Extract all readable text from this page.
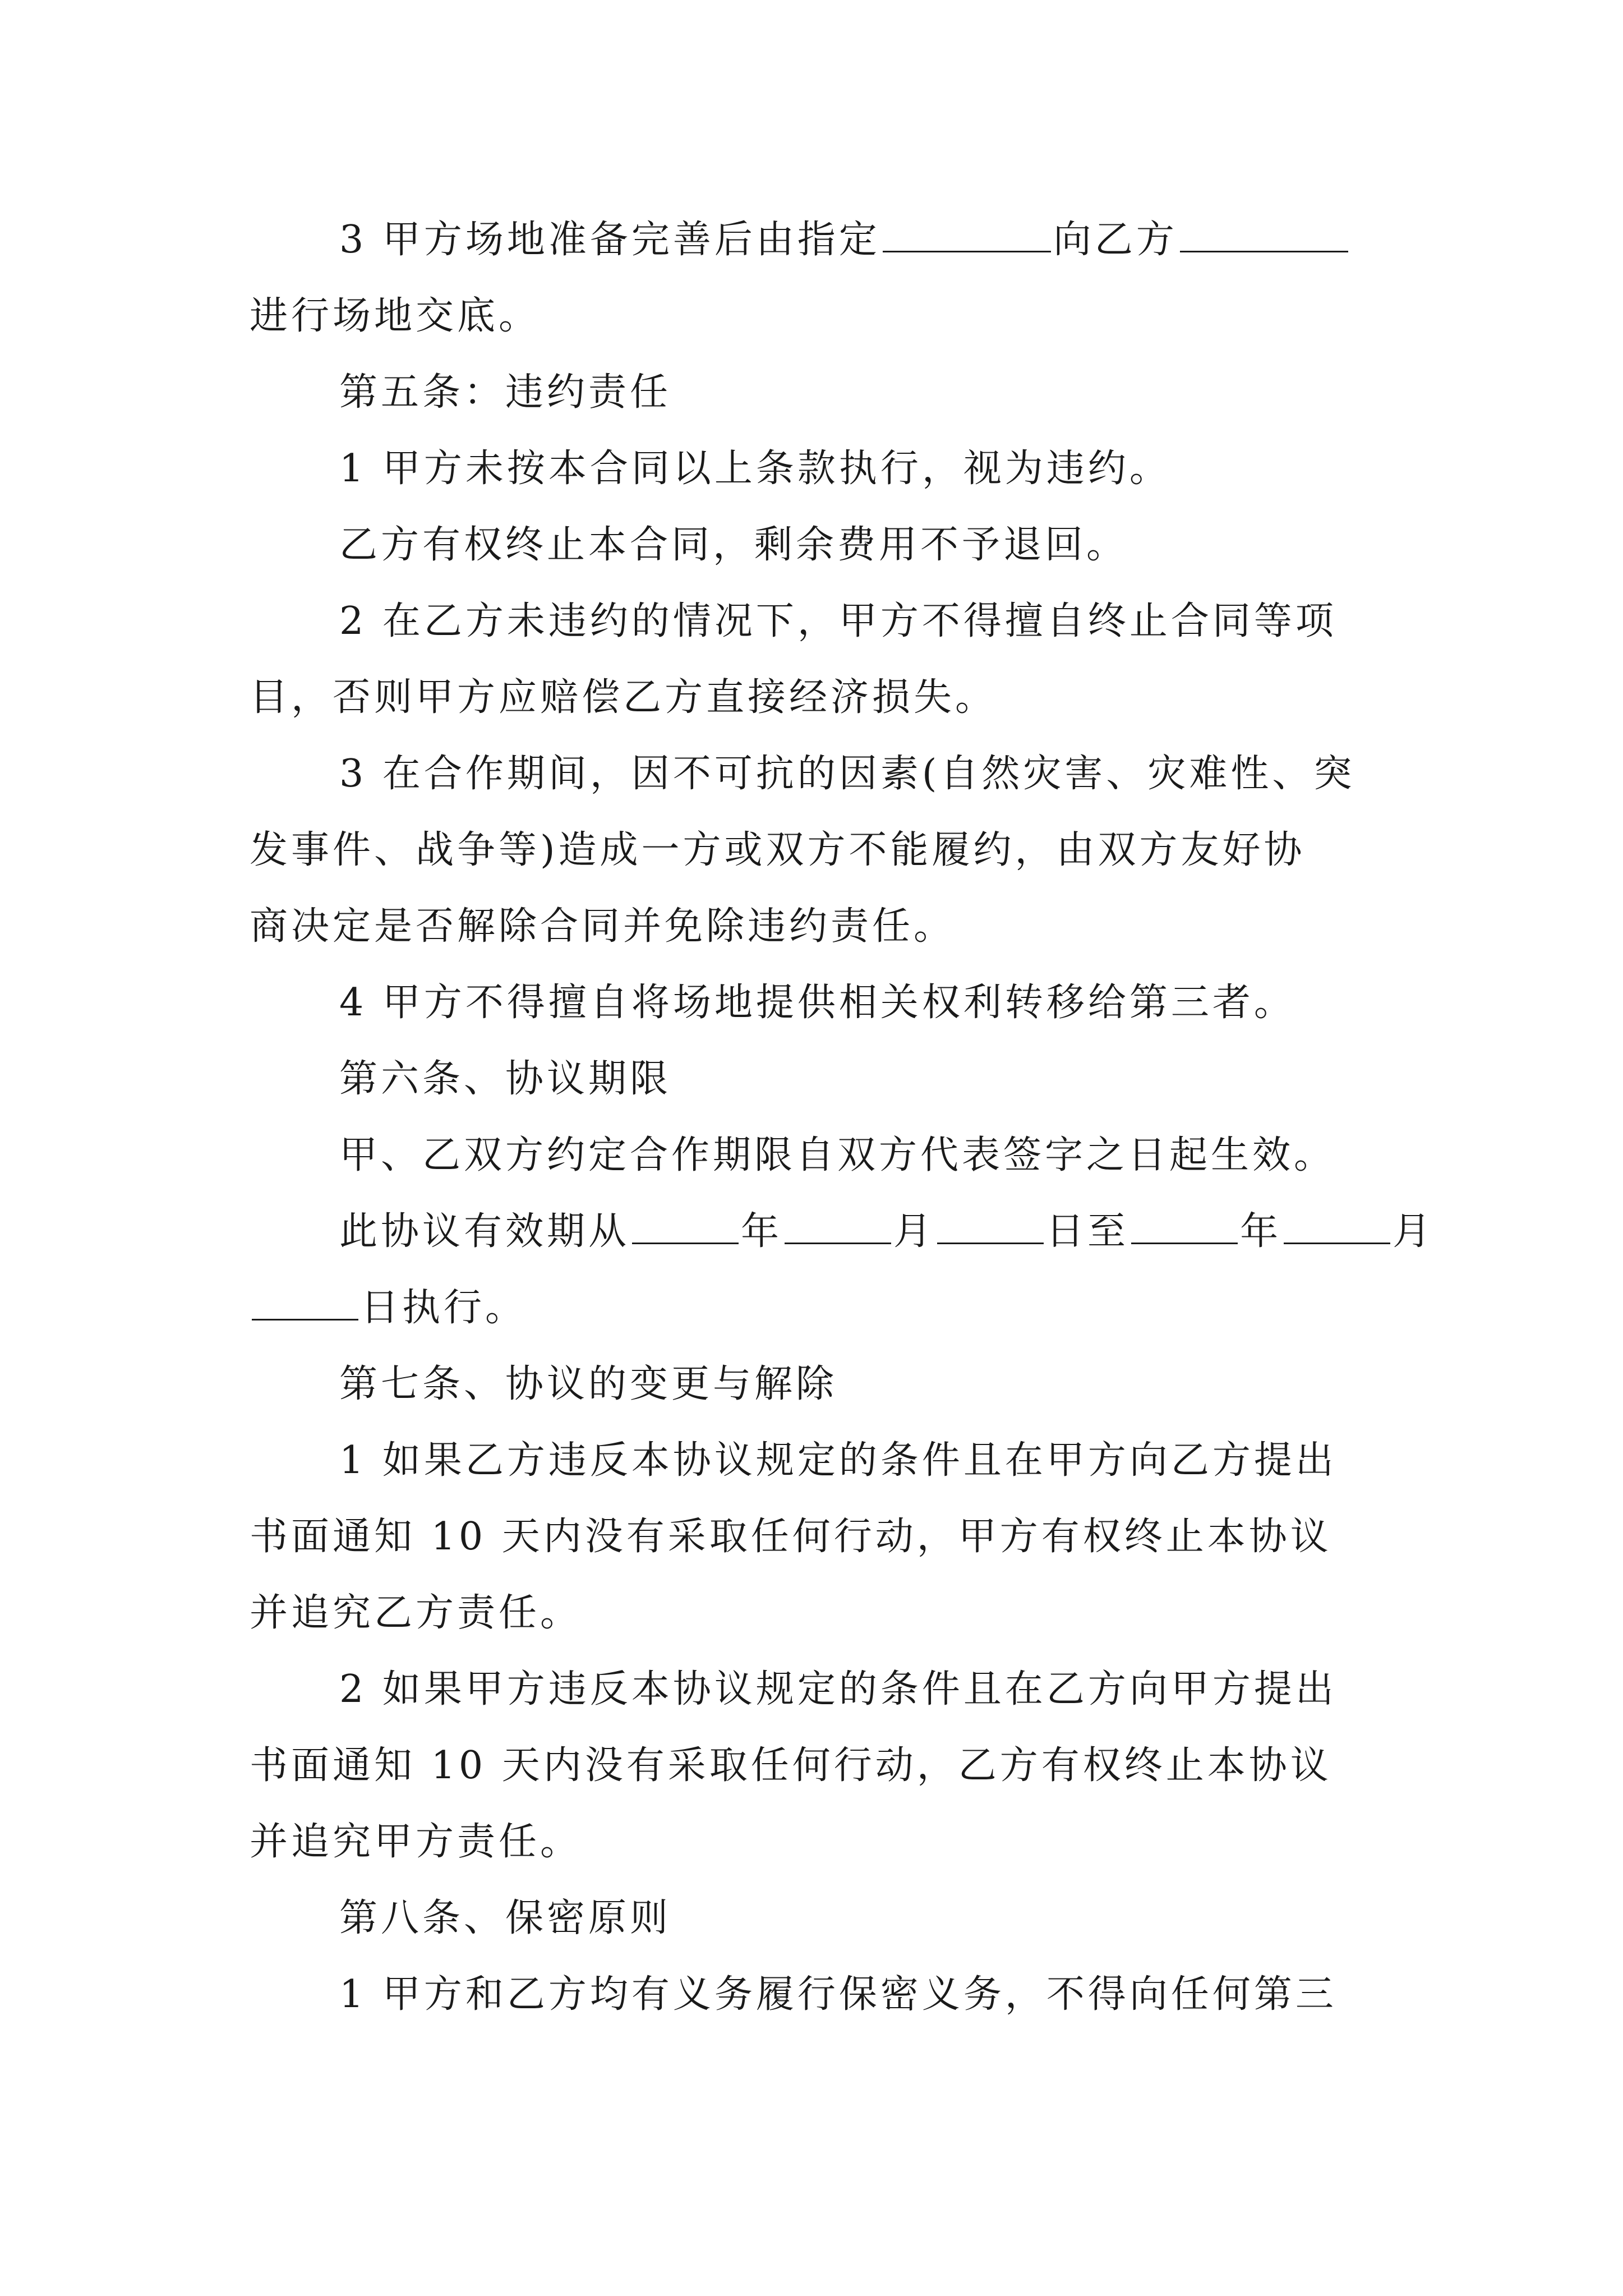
3 甲方场地准备完善后由指定	向乙方
进行场地交底。
第五条：违约责任
1 甲方未按本合同以上条款执行，视为违约。
乙方有权终止本合同，剩余费用不予退回。
2 在乙方未违约的情况下，甲方不得擅自终止合同等项
目，否则甲方应赔偿乙方直接经济损失。
3 在合作期间，因不可抗的因素(自然灾害、灾难性、突
发事件、战争等)造成一方或双方不能履约，由双方友好协
商决定是否解除合同并免除违约责任。
4 甲方不得擅自将场地提供相关权利转移给第三者。
第六条、协议期限
甲、乙双方约定合作期限自双方代表签字之日起生效。
此协议有效期从	年	月	日至	年	月
日执行。
第七条、协议的变更与解除
1 如果乙方违反本协议规定的条件且在甲方向乙方提出
书面通知 10 天内没有采取任何行动，甲方有权终止本协议
并追究乙方责任。
2 如果甲方违反本协议规定的条件且在乙方向甲方提出
书面通知 10 天内没有采取任何行动，乙方有权终止本协议
并追究甲方责任。
第八条、保密原则
1 甲方和乙方均有义务履行保密义务，不得向任何第三
